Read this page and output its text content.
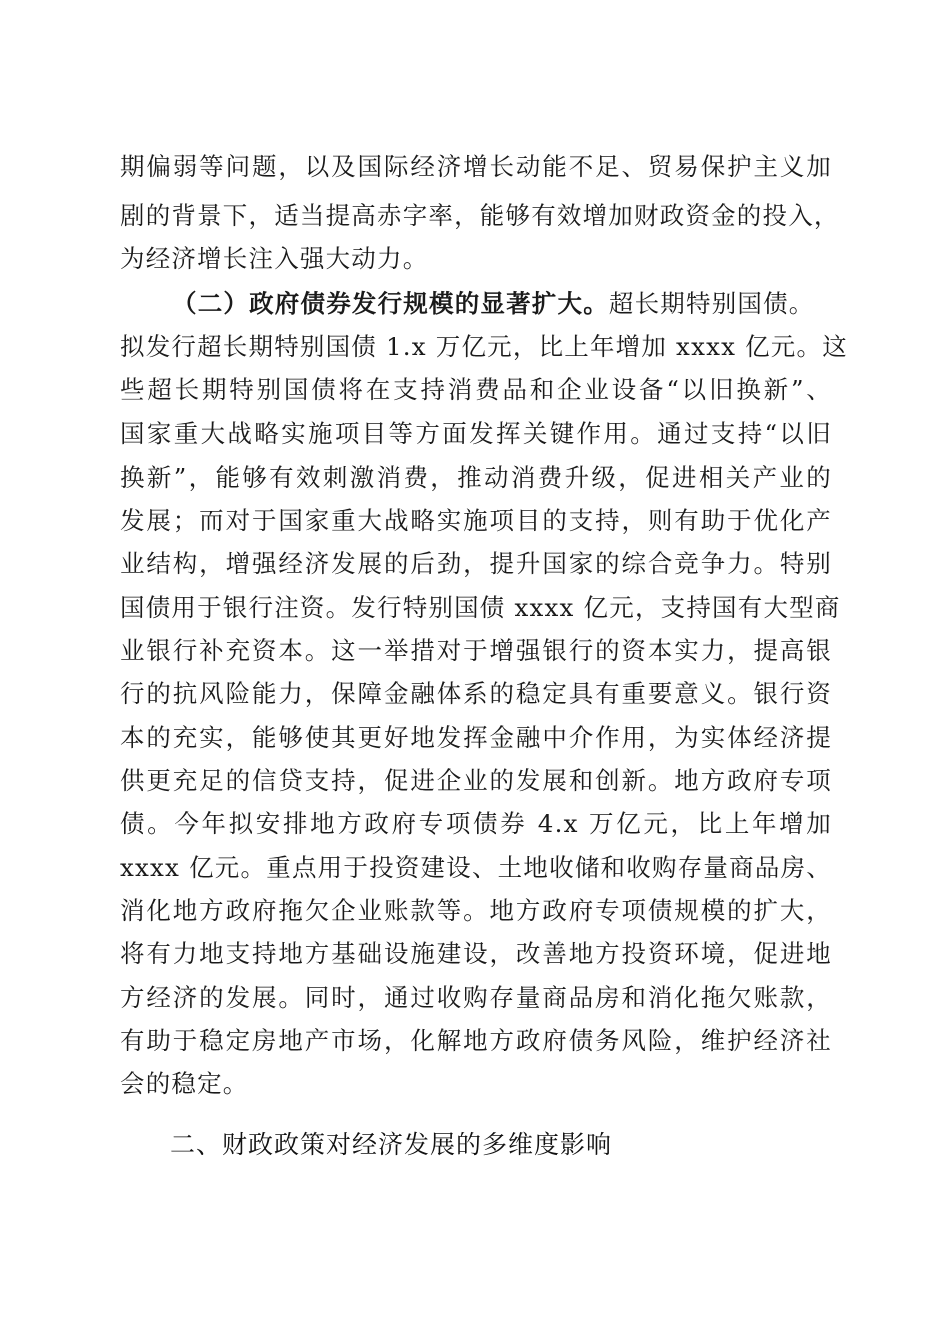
期偏弱等问题，以及国际经济增长动能不足、贸易保护主义加
剧的背景下，适当提高赤字率，能够有效增加财政资金的投入，
为经济增长注入强大动力。
（二）政府债券发行规模的显著扩大。超长期特别国债。
拟发行超长期特别国债 1.x 万亿元，比上年增加 xxxx 亿元。这
些超长期特别国债将在支持消费品和企业设备“以旧换新”、
国家重大战略实施项目等方面发挥关键作用。通过支持“以旧
换新”，能够有效刺激消费，推动消费升级，促进相关产业的
发展；而对于国家重大战略实施项目的支持，则有助于优化产
业结构，增强经济发展的后劲，提升国家的综合竞争力。特别
国债用于银行注资。发行特别国债 xxxx 亿元，支持国有大型商
业银行补充资本。这一举措对于增强银行的资本实力，提高银
行的抗风险能力，保障金融体系的稳定具有重要意义。银行资
本的充实，能够使其更好地发挥金融中介作用，为实体经济提
供更充足的信贷支持，促进企业的发展和创新。地方政府专项
债。今年拟安排地方政府专项债券 4.x 万亿元，比上年增加
xxxx 亿元。重点用于投资建设、土地收储和收购存量商品房、
消化地方政府拖欠企业账款等。地方政府专项债规模的扩大，
将有力地支持地方基础设施建设，改善地方投资环境，促进地
方经济的发展。同时，通过收购存量商品房和消化拖欠账款，
有助于稳定房地产市场，化解地方政府债务风险，维护经济社
会的稳定。
二、财政政策对经济发展的多维度影响
